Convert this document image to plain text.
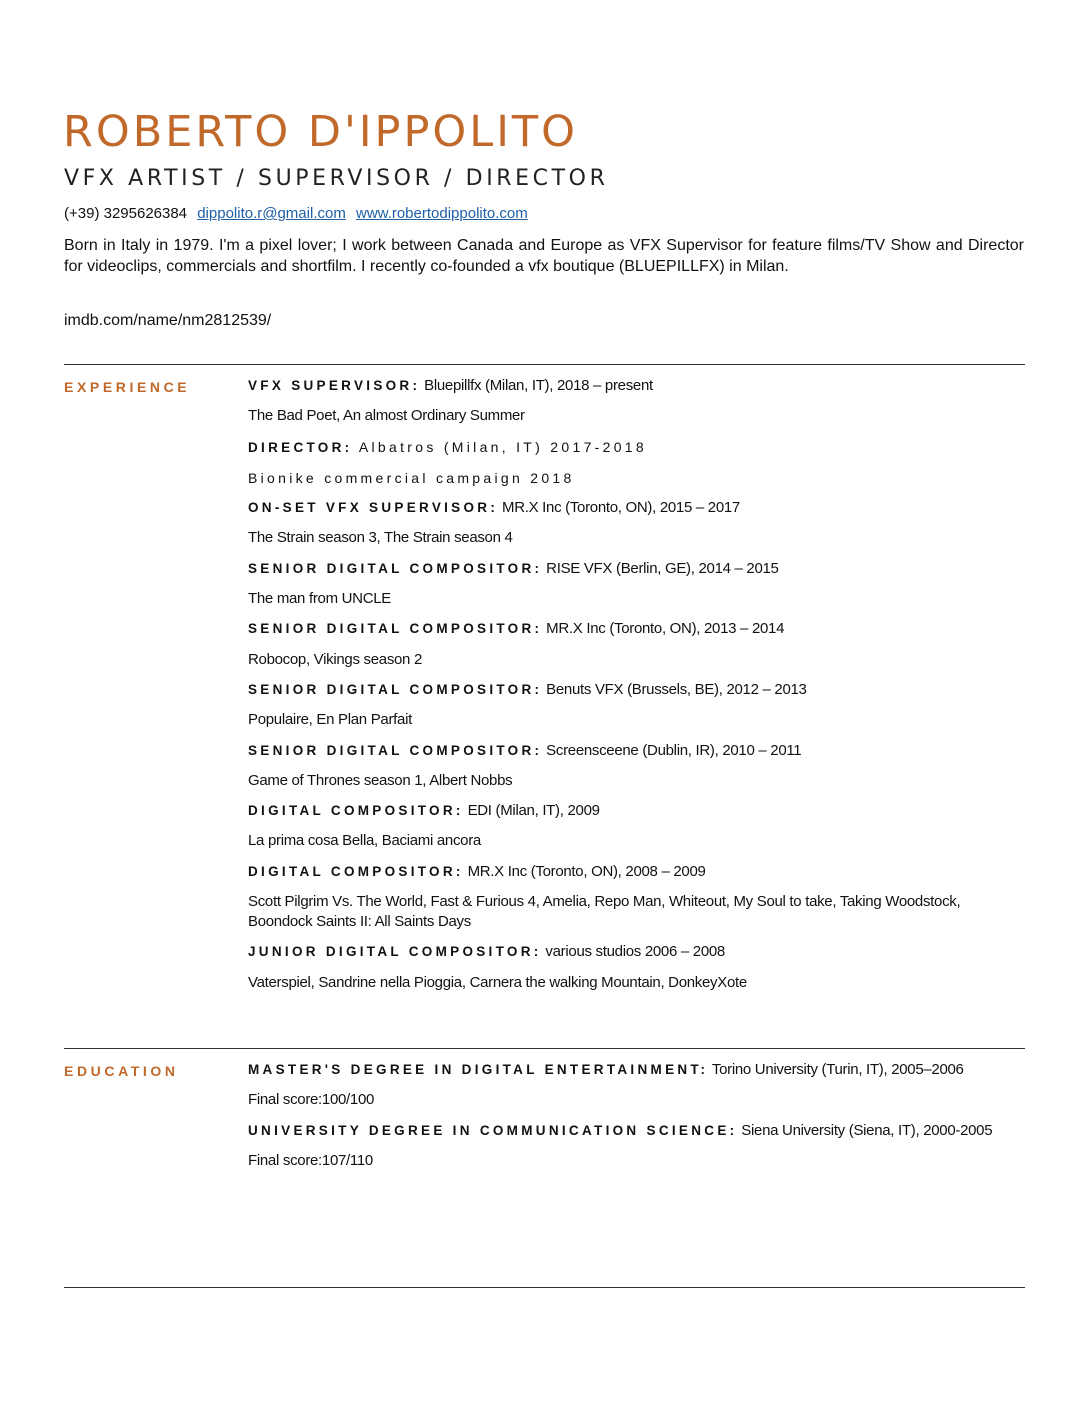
ROBERTO D'IPPOLITO
VFX ARTIST / SUPERVISOR / DIRECTOR
(+39) 3295626384 dippolito.r@gmail.com www.robertodippolito.com
Born in Italy in 1979. I'm a pixel lover; I work between Canada and Europe as VFX Supervisor for feature films/TV Show and Director for videoclips, commercials and shortfilm. I recently co-founded a vfx boutique (BLUEPILLFX) in Milan.
imdb.com/name/nm2812539/
EXPERIENCE	VFX SUPERVISOR: Bluepillfx (Milan, IT), 2018 – present
The Bad Poet, An almost Ordinary Summer
DIRECTOR: Albatros (Milan, IT) 2017-2018
Bionike commercial campaign 2018
ON-SET VFX SUPERVISOR: MR.X Inc (Toronto, ON), 2015 – 2017
The Strain season 3, The Strain season 4
SENIOR DIGITAL COMPOSITOR: RISE VFX (Berlin, GE), 2014 – 2015
The man from UNCLE
SENIOR DIGITAL COMPOSITOR: MR.X Inc (Toronto, ON), 2013 – 2014
Robocop, Vikings season 2
SENIOR DIGITAL COMPOSITOR: Benuts VFX (Brussels, BE), 2012 – 2013
Populaire, En Plan Parfait
SENIOR DIGITAL COMPOSITOR: Screensceene (Dublin, IR), 2010 – 2011
Game of Thrones season 1, Albert Nobbs
DIGITAL COMPOSITOR: EDI (Milan, IT), 2009
La prima cosa Bella, Baciami ancora
DIGITAL COMPOSITOR: MR.X Inc (Toronto, ON), 2008 – 2009
Scott Pilgrim Vs. The World, Fast & Furious 4, Amelia, Repo Man, Whiteout, My Soul to take, Taking Woodstock, Boondock Saints II: All Saints Days
JUNIOR DIGITAL COMPOSITOR: various studios 2006 – 2008
Vaterspiel, Sandrine nella Pioggia, Carnera the walking Mountain, DonkeyXote
EDUCATION	MASTER'S DEGREE IN DIGITAL ENTERTAINMENT: Torino University (Turin, IT), 2005–2006
Final score:100/100
UNIVERSITY DEGREE IN COMMUNICATION SCIENCE: Siena University (Siena, IT), 2000-2005
Final score:107/110
